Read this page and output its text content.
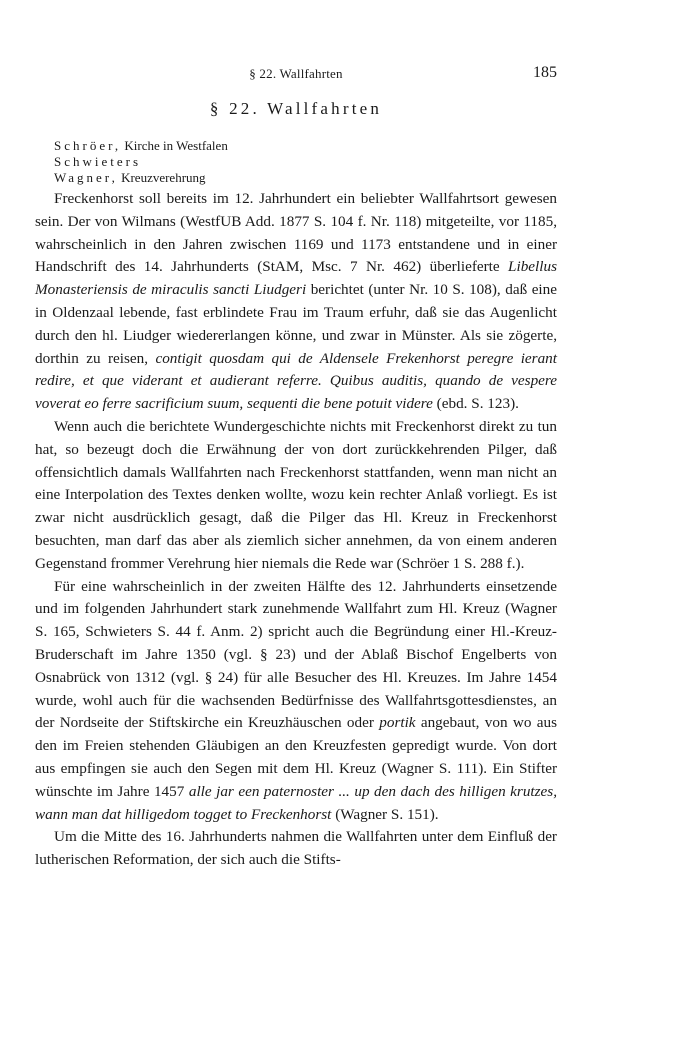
§ 22. Wallfahrten	185
§ 22. Wallfahrten
Schröer, Kirche in Westfalen
Schwieters
Wagner, Kreuzverehrung

Freckenhorst soll bereits im 12. Jahrhundert ein beliebter Wallfahrtsort gewesen sein. Der von Wilmans (WestfUB Add. 1877 S. 104 f. Nr. 118) mitgeteilte, vor 1185, wahrscheinlich in den Jahren zwischen 1169 und 1173 entstandene und in einer Handschrift des 14. Jahrhunderts (StAM, Msc. 7 Nr. 462) überlieferte Libellus Monasteriensis de miraculis sancti Liudgeri berichtet (unter Nr. 10 S. 108), daß eine in Oldenzaal lebende, fast erblindete Frau im Traum erfuhr, daß sie das Augenlicht durch den hl. Liudger wiedererlangen könne, und zwar in Münster. Als sie zögerte, dorthin zu reisen, contigit quosdam qui de Aldensele Frekenhorst peregre ierant redire, et que viderant et audierant referre. Quibus auditis, quando de vespere voverat eo ferre sacrificium suum, sequenti die bene potuit videre (ebd. S. 123).

Wenn auch die berichtete Wundergeschichte nichts mit Freckenhorst direkt zu tun hat, so bezeugt doch die Erwähnung der von dort zurückkehrenden Pilger, daß offensichtlich damals Wallfahrten nach Freckenhorst stattfanden, wenn man nicht an eine Interpolation des Textes denken wollte, wozu kein rechter Anlaß vorliegt. Es ist zwar nicht ausdrücklich gesagt, daß die Pilger das Hl. Kreuz in Freckenhorst besuchten, man darf das aber als ziemlich sicher annehmen, da von einem anderen Gegenstand frommer Verehrung hier niemals die Rede war (Schröer 1 S. 288 f.).

Für eine wahrscheinlich in der zweiten Hälfte des 12. Jahrhunderts einsetzende und im folgenden Jahrhundert stark zunehmende Wallfahrt zum Hl. Kreuz (Wagner S. 165, Schwieters S. 44 f. Anm. 2) spricht auch die Begründung einer Hl.-Kreuz-Bruderschaft im Jahre 1350 (vgl. § 23) und der Ablaß Bischof Engelberts von Osnabrück von 1312 (vgl. § 24) für alle Besucher des Hl. Kreuzes. Im Jahre 1454 wurde, wohl auch für die wachsenden Bedürfnisse des Wallfahrtsgottesdienstes, an der Nordseite der Stiftskirche ein Kreuzhäuschen oder portik angebaut, von wo aus den im Freien stehenden Gläubigen an den Kreuzfesten gepredigt wurde. Von dort aus empfingen sie auch den Segen mit dem Hl. Kreuz (Wagner S. 111). Ein Stifter wünschte im Jahre 1457 alle jar een paternoster ... up den dach des hilligen krutzes, wann man dat hilligedom togget to Freckenhorst (Wagner S. 151).

Um die Mitte des 16. Jahrhunderts nahmen die Wallfahrten unter dem Einfluß der lutherischen Reformation, der sich auch die Stifts-
